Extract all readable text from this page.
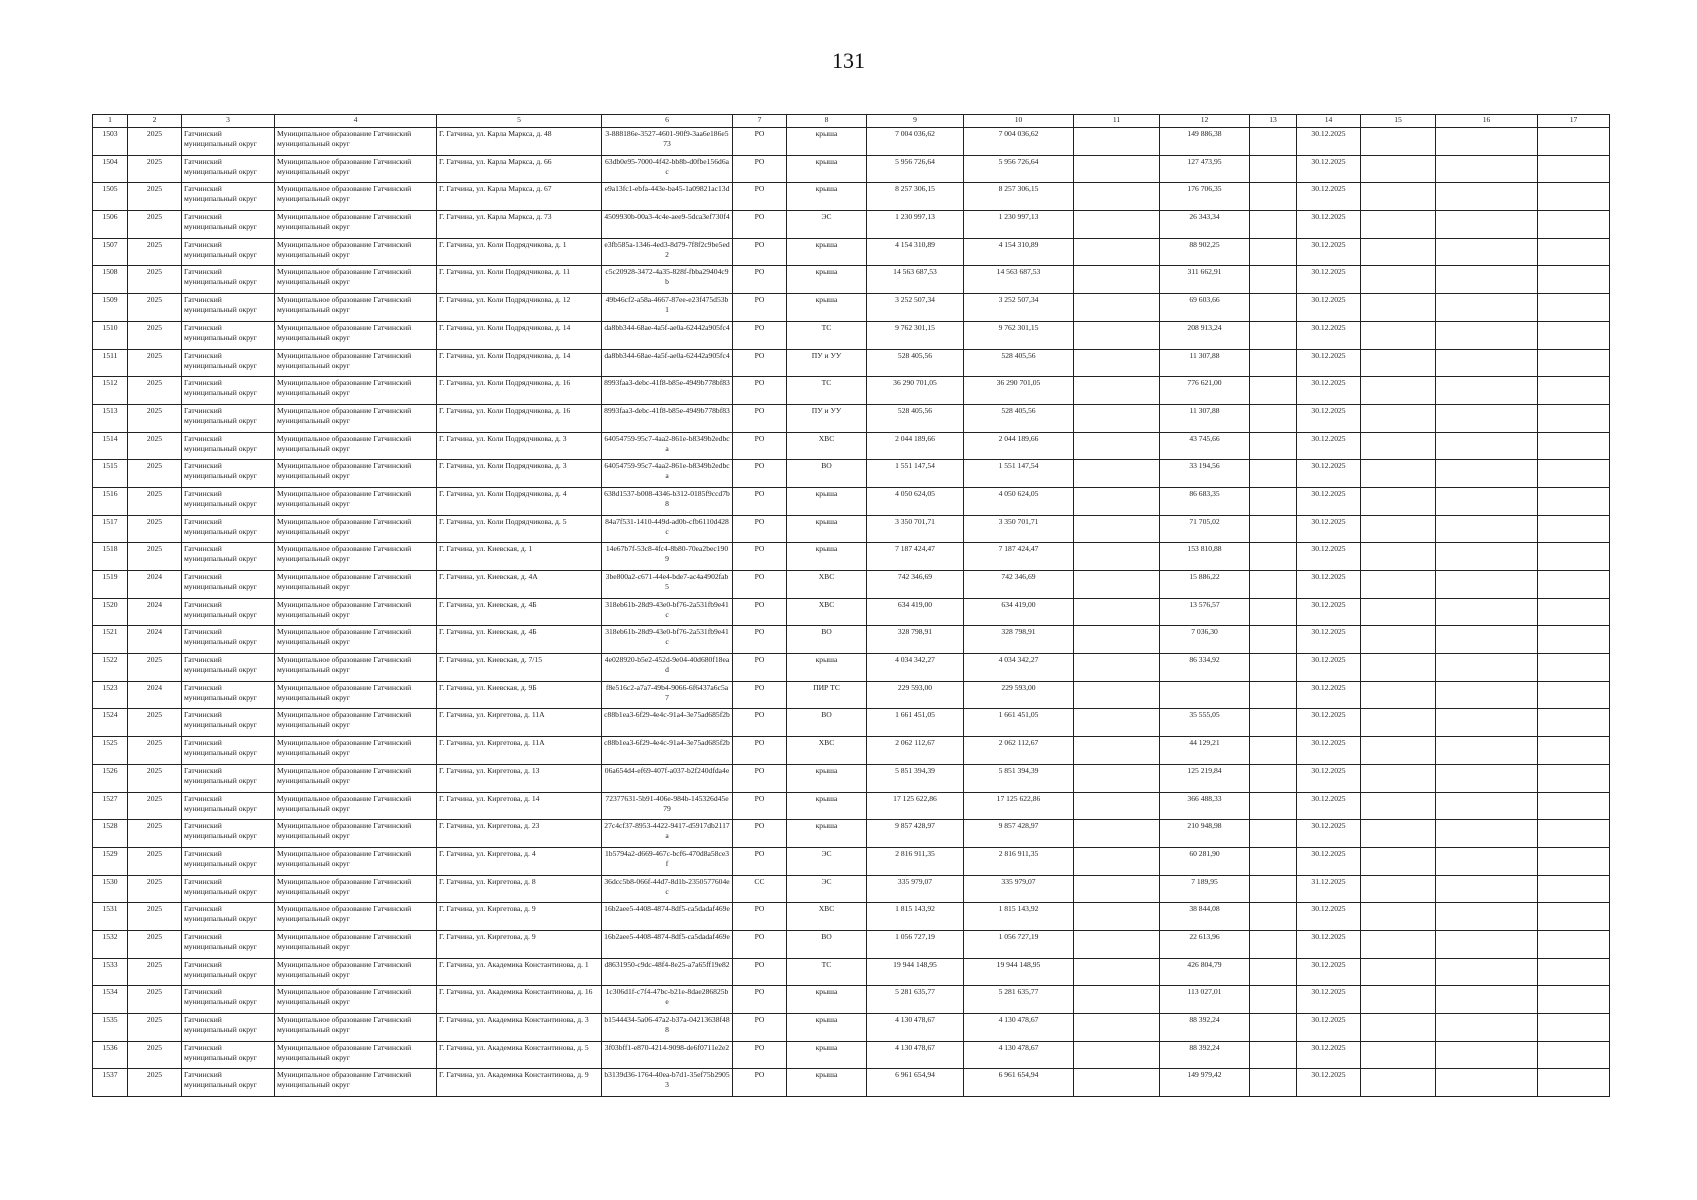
131
1	2	3	4	5	6	7	8	9	10	11	12	13	14	15	16	17
1503	2025	Гатчинский муниципальный округ	Муниципальное образование Гатчинский муниципальный округ	Г. Гатчина, ул. Карла Маркса, д. 48	3-888186e-3527-4601-90f9-3aa6e186e573	РО	крыша	7 004 036,62	7 004 036,62		149 886,38		30.12.2025			
1504	2025	Гатчинский муниципальный округ	Муниципальное образование Гатчинский муниципальный округ	Г. Гатчина, ул. Карла Маркса, д. 66	63db0e95-7000-4f42-bb8b-d0fbe156d6ac	РО	крыша	5 956 726,64	5 956 726,64		127 473,95		30.12.2025			
1505	2025	Гатчинский муниципальный округ	Муниципальное образование Гатчинский муниципальный округ	Г. Гатчина, ул. Карла Маркса, д. 67	e9a13fc1-ebfa-443e-ba45-1a09821ac13d	РО	крыша	8 257 306,15	8 257 306,15		176 706,35		30.12.2025			
1506	2025	Гатчинский муниципальный округ	Муниципальное образование Гатчинский муниципальный округ	Г. Гатчина, ул. Карла Маркса, д. 73	4509930b-00a3-4c4e-aee9-5dca3ef730f4	РО	ЭС	1 230 997,13	1 230 997,13		26 343,34		30.12.2025			
1507	2025	Гатчинский муниципальный округ	Муниципальное образование Гатчинский муниципальный округ	Г. Гатчина, ул. Коли Подрядчикова, д. 1	e3fb585a-1346-4ed3-8d79-7f8f2c9be5ed2	РО	крыша	4 154 310,89	4 154 310,89		88 902,25		30.12.2025			
1508	2025	Гатчинский муниципальный округ	Муниципальное образование Гатчинский муниципальный округ	Г. Гатчина, ул. Коли Подрядчикова, д. 11	c5c20928-3472-4a35-828f-fbba29404c9b	РО	крыша	14 563 687,53	14 563 687,53		311 662,91		30.12.2025			
1509	2025	Гатчинский муниципальный округ	Муниципальное образование Гатчинский муниципальный округ	Г. Гатчина, ул. Коли Подрядчикова, д. 12	49b46cf2-a58a-4667-87ee-e23f475d53b1	РО	крыша	3 252 507,34	3 252 507,34		69 603,66		30.12.2025			
1510	2025	Гатчинский муниципальный округ	Муниципальное образование Гатчинский муниципальный округ	Г. Гатчина, ул. Коли Подрядчикова, д. 14	da8bb344-68ae-4a5f-ae0a-62442a905fc4	РО	ТС	9 762 301,15	9 762 301,15		208 913,24		30.12.2025			
1511	2025	Гатчинский муниципальный округ	Муниципальное образование Гатчинский муниципальный округ	Г. Гатчина, ул. Коли Подрядчикова, д. 14	da8bb344-68ae-4a5f-ae0a-62442a905fc4	РО	ПУ и УУ	528 405,56	528 405,56		11 307,88		30.12.2025			
1512	2025	Гатчинский муниципальный округ	Муниципальное образование Гатчинский муниципальный округ	Г. Гатчина, ул. Коли Подрядчикова, д. 16	8993faa3-debc-41f8-b85e-4949b778bf83	РО	ТС	36 290 701,05	36 290 701,05		776 621,00		30.12.2025			
1513	2025	Гатчинский муниципальный округ	Муниципальное образование Гатчинский муниципальный округ	Г. Гатчина, ул. Коли Подрядчикова, д. 16	8993faa3-debc-41f8-b85e-4949b778bf83	РО	ПУ и УУ	528 405,56	528 405,56		11 307,88		30.12.2025			
1514	2025	Гатчинский муниципальный округ	Муниципальное образование Гатчинский муниципальный округ	Г. Гатчина, ул. Коли Подрядчикова, д. 3	64054759-95c7-4aa2-861e-b8349b2edbca	РО	ХВС	2 044 189,66	2 044 189,66		43 745,66		30.12.2025			
1515	2025	Гатчинский муниципальный округ	Муниципальное образование Гатчинский муниципальный округ	Г. Гатчина, ул. Коли Подрядчикова, д. 3	64054759-95c7-4aa2-861e-b8349b2edbca	РО	ВО	1 551 147,54	1 551 147,54		33 194,56		30.12.2025			
1516	2025	Гатчинский муниципальный округ	Муниципальное образование Гатчинский муниципальный округ	Г. Гатчина, ул. Коли Подрядчикова, д. 4	638d1537-b008-4346-b312-0185f9ccd7b8	РО	крыша	4 050 624,05	4 050 624,05		86 683,35		30.12.2025			
1517	2025	Гатчинский муниципальный округ	Муниципальное образование Гатчинский муниципальный округ	Г. Гатчина, ул. Коли Подрядчикова, д. 5	84a7f531-1410-449d-ad0b-cfb6110d428c	РО	крыша	3 350 701,71	3 350 701,71		71 705,02		30.12.2025			
1518	2025	Гатчинский муниципальный округ	Муниципальное образование Гатчинский муниципальный округ	Г. Гатчина, ул. Киевская, д. 1	14e67b7f-53c8-4fc4-8b80-70ea2bec1909	РО	крыша	7 187 424,47	7 187 424,47		153 810,88		30.12.2025			
1519	2024	Гатчинский муниципальный округ	Муниципальное образование Гатчинский муниципальный округ	Г. Гатчина, ул. Киевская, д. 4А	3be800a2-c671-44e4-bde7-ac4a4902fab5	РО	ХВС	742 346,69	742 346,69		15 886,22		30.12.2025			
1520	2024	Гатчинский муниципальный округ	Муниципальное образование Гатчинский муниципальный округ	Г. Гатчина, ул. Киевская, д. 4Б	318eb61b-28d9-43e0-bf76-2a531fb9e41c	РО	ХВС	634 419,00	634 419,00		13 576,57		30.12.2025			
1521	2024	Гатчинский муниципальный округ	Муниципальное образование Гатчинский муниципальный округ	Г. Гатчина, ул. Киевская, д. 4Б	318eb61b-28d9-43e0-bf76-2a531fb9e41c	РО	ВО	328 798,91	328 798,91		7 036,30		30.12.2025			
1522	2025	Гатчинский муниципальный округ	Муниципальное образование Гатчинский муниципальный округ	Г. Гатчина, ул. Киевская, д. 7/15	4e028920-b5e2-452d-9e04-40d680f18ead	РО	крыша	4 034 342,27	4 034 342,27		86 334,92		30.12.2025			
1523	2024	Гатчинский муниципальный округ	Муниципальное образование Гатчинский муниципальный округ	Г. Гатчина, ул. Киевская, д. 9Б	f8e516c2-a7a7-49b4-9066-6f6437a6c5a7	РО	ПИР ТС	229 593,00	229 593,00				30.12.2025			
1524	2025	Гатчинский муниципальный округ	Муниципальное образование Гатчинский муниципальный округ	Г. Гатчина, ул. Киргетова, д. 11А	c88b1ea3-6f29-4e4c-91a4-3e75ad685f2b	РО	ВО	1 661 451,05	1 661 451,05		35 555,05		30.12.2025			
1525	2025	Гатчинский муниципальный округ	Муниципальное образование Гатчинский муниципальный округ	Г. Гатчина, ул. Киргетова, д. 11А	c88b1ea3-6f29-4e4c-91a4-3e75ad685f2b	РО	ХВС	2 062 112,67	2 062 112,67		44 129,21		30.12.2025			
1526	2025	Гатчинский муниципальный округ	Муниципальное образование Гатчинский муниципальный округ	Г. Гатчина, ул. Киргетова, д. 13	06a654d4-ef69-407f-a037-b2f240dfda4e	РО	крыша	5 851 394,39	5 851 394,39		125 219,84		30.12.2025			
1527	2025	Гатчинский муниципальный округ	Муниципальное образование Гатчинский муниципальный округ	Г. Гатчина, ул. Киргетова, д. 14	72377631-5b91-406e-984b-145326d45e79	РО	крыша	17 125 622,86	17 125 622,86		366 488,33		30.12.2025			
1528	2025	Гатчинский муниципальный округ	Муниципальное образование Гатчинский муниципальный округ	Г. Гатчина, ул. Киргетова, д. 23	27c4cf37-8953-4422-9417-d5917db2117a	РО	крыша	9 857 428,97	9 857 428,97		210 948,98		30.12.2025			
1529	2025	Гатчинский муниципальный округ	Муниципальное образование Гатчинский муниципальный округ	Г. Гатчина, ул. Киргетова, д. 4	1b5794a2-d669-467c-bcf6-470d8a58ce3f	РО	ЭС	2 816 911,35	2 816 911,35		60 281,90		30.12.2025			
1530	2025	Гатчинский муниципальный округ	Муниципальное образование Гатчинский муниципальный округ	Г. Гатчина, ул. Киргетова, д. 8	36dcc5b8-066f-44d7-8d1b-2350577604ec	СС	ЭС	335 979,07	335 979,07		7 189,95		31.12.2025			
1531	2025	Гатчинский муниципальный округ	Муниципальное образование Гатчинский муниципальный округ	Г. Гатчина, ул. Киргетова, д. 9	16b2aee5-4408-4874-8df5-ca5dadaf469e	РО	ХВС	1 815 143,92	1 815 143,92		38 844,08		30.12.2025			
1532	2025	Гатчинский муниципальный округ	Муниципальное образование Гатчинский муниципальный округ	Г. Гатчина, ул. Киргетова, д. 9	16b2aee5-4408-4874-8df5-ca5dadaf469e	РО	ВО	1 056 727,19	1 056 727,19		22 613,96		30.12.2025			
1533	2025	Гатчинский муниципальный округ	Муниципальное образование Гатчинский муниципальный округ	Г. Гатчина, ул. Академика Константинова, д. 1	d8631950-c9dc-48f4-8e25-a7a65ff19e82	РО	ТС	19 944 148,95	19 944 148,95		426 804,79		30.12.2025			
1534	2025	Гатчинский муниципальный округ	Муниципальное образование Гатчинский муниципальный округ	Г. Гатчина, ул. Академика Константинова, д. 16	1c306d1f-c7f4-47bc-b21e-8dae286825be	РО	крыша	5 281 635,77	5 281 635,77		113 027,01		30.12.2025			
1535	2025	Гатчинский муниципальный округ	Муниципальное образование Гатчинский муниципальный округ	Г. Гатчина, ул. Академика Константинова, д. 3	b1544434-5a06-47a2-b37a-04213638f488	РО	крыша	4 130 478,67	4 130 478,67		88 392,24		30.12.2025			
1536	2025	Гатчинский муниципальный округ	Муниципальное образование Гатчинский муниципальный округ	Г. Гатчина, ул. Академика Константинова, д. 5	3f03bff1-e870-4214-9098-de6f0711e2e2	РО	крыша	4 130 478,67	4 130 478,67		88 392,24		30.12.2025			
1537	2025	Гатчинский муниципальный округ	Муниципальное образование Гатчинский муниципальный округ	Г. Гатчина, ул. Академика Константинова, д. 9	b3139d36-1764-40ea-b7d1-35ef75b29053	РО	крыша	6 961 654,94	6 961 654,94		149 979,42		30.12.2025			
